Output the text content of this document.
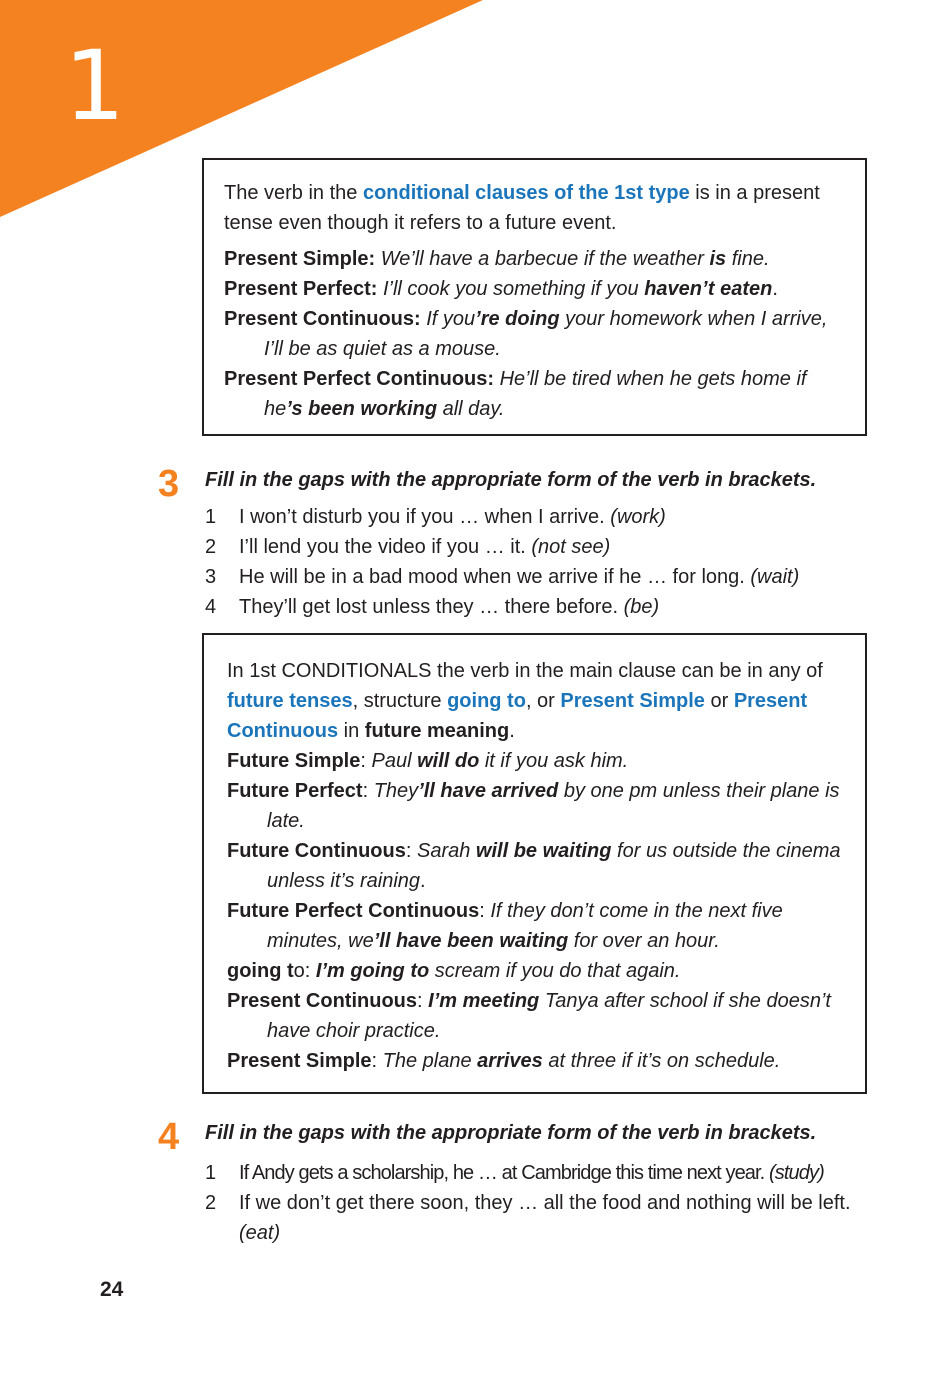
1

The verb in the conditional clauses of the 1st type is in a present tense even though it refers to a future event.

Present Simple: We’ll have a barbecue if the weather is fine.

Present Perfect: I’ll cook you something if you haven’t eaten.

Present Continuous: If you’re doing your homework when I arrive, I’ll be as quiet as a mouse.

Present Perfect Continuous: He’ll be tired when he gets home if he’s been working all day.

3 Fill in the gaps with the appropriate form of the verb in brackets.
1	I won’t disturb you if you … when I arrive. (work)
2	I’ll lend you the video if you … it. (not see)
3	He will be in a bad mood when we arrive if he … for long. (wait)
4	They’ll get lost unless they … there before. (be)

In 1st CONDITIONALS the verb in the main clause can be in any of future tenses, structure going to, or Present Simple or Present Continuous in future meaning.

Future Simple: Paul will do it if you ask him.

Future Perfect: They’ll have arrived by one pm unless their plane is late.

Future Continuous: Sarah will be waiting for us outside the cinema unless it’s raining.

Future Perfect Continuous: If they don’t come in the next five minutes, we’ll have been waiting for over an hour.

going to: I’m going to scream if you do that again.

Present Continuous: I’m meeting Tanya after school if she doesn’t have choir practice.

Present Simple: The plane arrives at three if it’s on schedule.

4 Fill in the gaps with the appropriate form of the verb in brackets.
1	If Andy gets a scholarship, he … at Cambridge this time next year. (study)
2	If we don’t get there soon, they … all the food and nothing will be left. (eat)
24
